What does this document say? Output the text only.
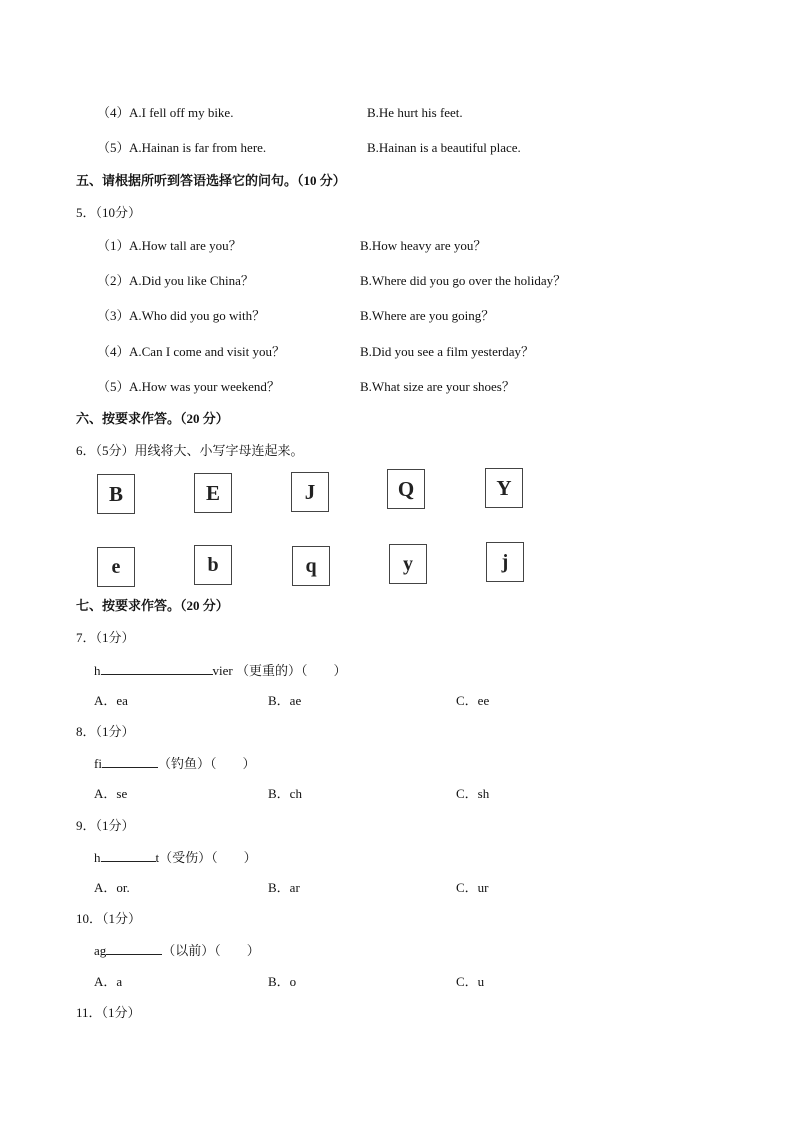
（4） A.I fell off my bike.	B.He hurt his feet.
（5） A.Hainan is far from here.	B.Hainan is a beautiful place.
五、请根据所听到答语选择它的问句。（10 分）
5．（10分）
（1） A.How tall are you？	B.How heavy are you？
（2） A.Did you like China？	B.Where did you go over the holiday？
（3） A.Who did you go with？	B.Where are you going？
（4） A.Can I come and visit you？	B.Did you see a film yesterday？
（5） A.How was your weekend？	B.What size are your shoes？
六、按要求作答。（20 分）
6．（5分）用线将大、小写字母连起来。
B	E	J	Q	Y
e	b	q	y	j
七、按要求作答。（20 分）
7．（1分）
h	vier （更重的）（　　）
A．ea	B．ae	C．ee
8．（1分）
fi	（钓鱼）（　　）
A．se	B．ch	C．sh
9．（1分）
h	t（受伤）（　　）
A．or.	B．ar	C．ur
10．（1分）
ag	（以前）（　　）
A．a	B．o	C．u
11．（1分）
